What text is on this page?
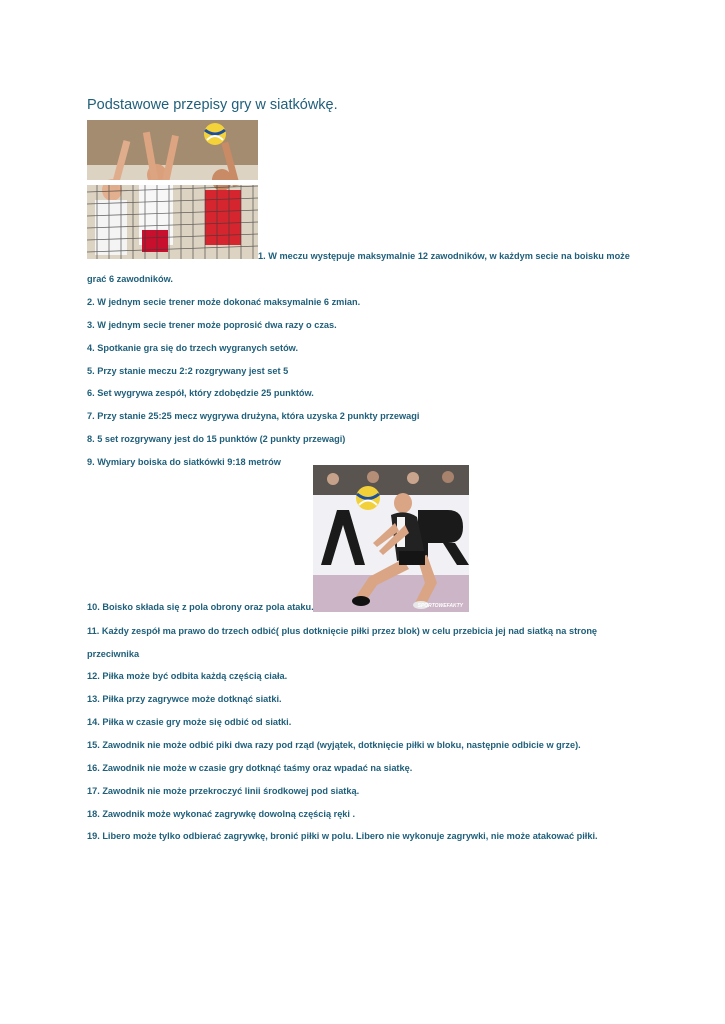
Podstawowe przepisy gry w siatkówkę.
1. W meczu występuje maksymalnie 12 zawodników, w każdym secie na boisku może
grać 6 zawodników.
2. W jednym secie trener może dokonać maksymalnie 6 zmian.
3. W jednym secie trener może poprosić dwa razy o czas.
4. Spotkanie gra się do trzech wygranych setów.
5. Przy stanie meczu 2:2 rozgrywany jest set 5
6. Set wygrywa zespół, który zdobędzie 25 punktów.
7. Przy stanie 25:25 mecz wygrywa drużyna, która uzyska 2 punkty przewagi
8. 5 set rozgrywany jest do 15 punktów (2 punkty przewagi)
9. Wymiary boiska do siatkówki 9:18 metrów
SPORTOWEFAKTY
10. Boisko składa się z pola obrony oraz pola ataku.
11. Każdy zespół ma prawo do trzech odbić( plus dotknięcie piłki przez blok) w celu przebicia jej nad siatką na stronę
przeciwnika
12. Piłka może być odbita każdą częścią ciała.
13. Piłka przy zagrywce może dotknąć siatki.
14. Piłka w czasie gry może się odbić od siatki.
15. Zawodnik nie może odbić piki dwa razy pod rząd (wyjątek, dotknięcie piłki w bloku, następnie odbicie w grze).
16. Zawodnik nie może w czasie gry dotknąć taśmy oraz wpadać na siatkę.
17. Zawodnik nie może przekroczyć linii środkowej pod siatką.
18. Zawodnik może wykonać zagrywkę dowolną częścią ręki .
19. Libero może tylko odbierać zagrywkę, bronić piłki w polu. Libero nie wykonuje zagrywki, nie może atakować piłki.
